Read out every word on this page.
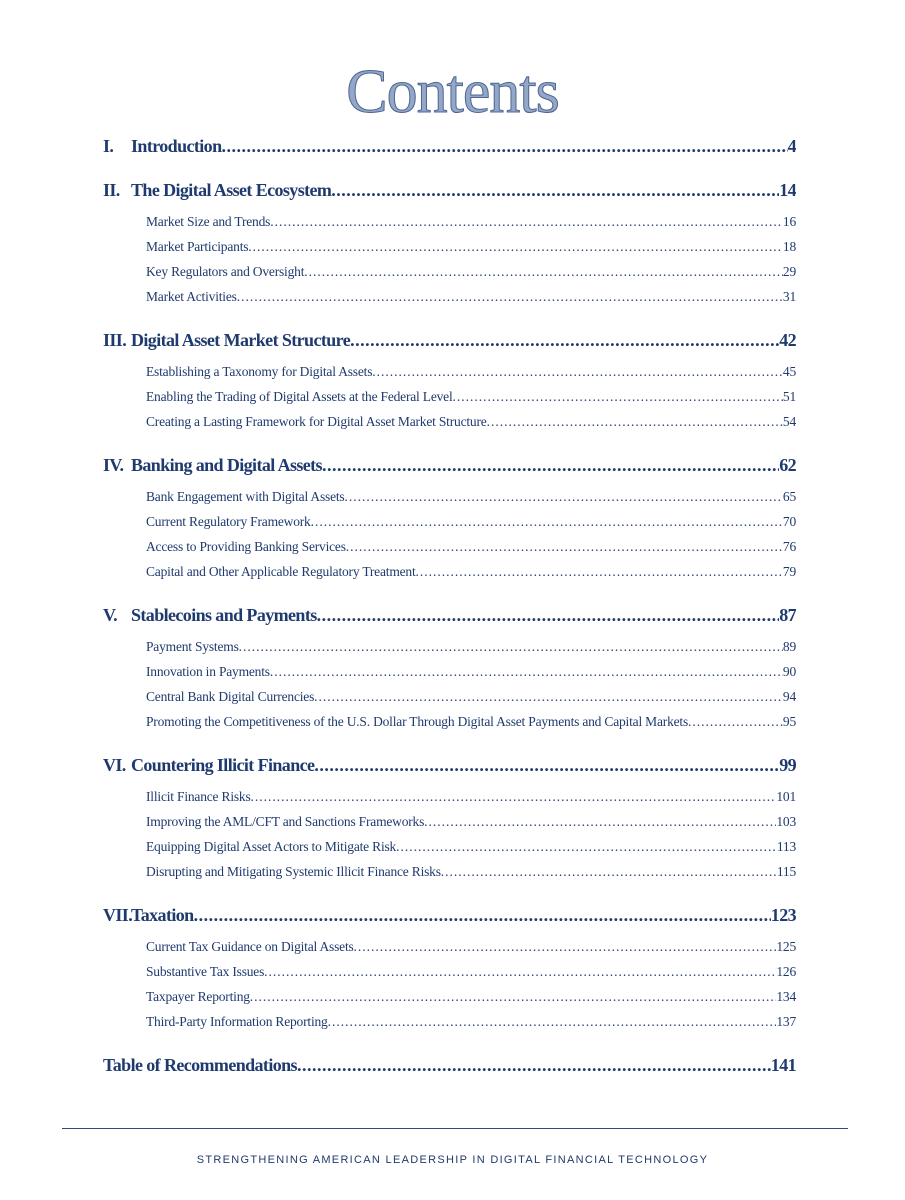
Contents
I. Introduction .....	4
II. The Digital Asset Ecosystem .....	14
Market Size and Trends .....	16
Market Participants .....	18
Key Regulators and Oversight .....	29
Market Activities .....	31
III. Digital Asset Market Structure .....	42
Establishing a Taxonomy for Digital Assets .....	45
Enabling the Trading of Digital Assets at the Federal Level .....	51
Creating a Lasting Framework for Digital Asset Market Structure .....	54
IV. Banking and Digital Assets .....	62
Bank Engagement with Digital Assets .....	65
Current Regulatory Framework .....	70
Access to Providing Banking Services .....	76
Capital and Other Applicable Regulatory Treatment .....	79
V. Stablecoins and Payments .....	87
Payment Systems .....	89
Innovation in Payments .....	90
Central Bank Digital Currencies .....	94
Promoting the Competitiveness of the U.S. Dollar Through Digital Asset Payments and Capital Markets .....	95
VI. Countering Illicit Finance .....	99
Illicit Finance Risks .....	101
Improving the AML/CFT and Sanctions Frameworks .....	103
Equipping Digital Asset Actors to Mitigate Risk .....	113
Disrupting and Mitigating Systemic Illicit Finance Risks .....	115
VII.
Taxation .....	123
Current Tax Guidance on Digital Assets .....	125
Substantive Tax Issues .....	126
Taxpayer Reporting .....	134
Third-Party Information Reporting .....	137
Table of Recommendations .....	141
STRENGTHENING AMERICAN LEADERSHIP IN DIGITAL FINANCIAL TECHNOLOGY
